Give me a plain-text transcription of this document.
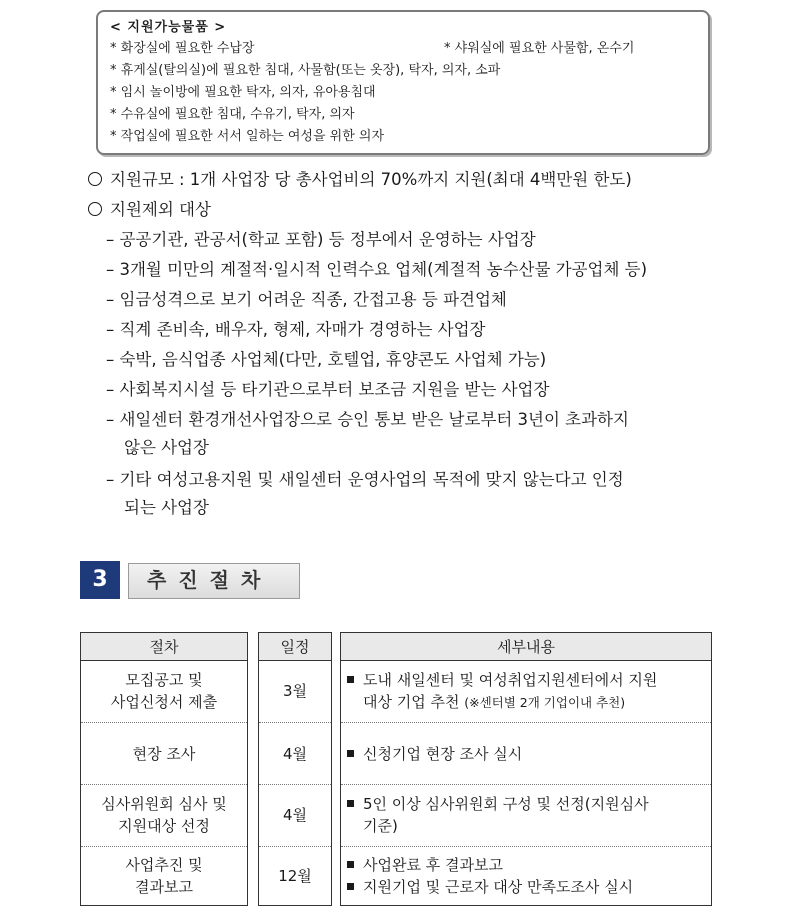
< 지원가능물품 >
* 화장실에 필요한 수납장	* 샤워실에 필요한 사물함, 온수기
* 휴게실(탈의실)에 필요한 침대, 사물함(또는 옷장), 탁자, 의자, 소파
* 임시 놀이방에 필요한 탁자, 의자, 유아용침대
* 수유실에 필요한 침대, 수유기, 탁자, 의자
* 작업실에 필요한 서서 일하는 여성을 위한 의자
지원규모 : 1개 사업장 당 총사업비의 70%까지 지원(최대 4백만원 한도)
지원제외 대상
– 공공기관, 관공서(학교 포함) 등 정부에서 운영하는 사업장
– 3개월 미만의 계절적·일시적 인력수요 업체(계절적 농수산물 가공업체 등)
– 임금성격으로 보기 어려운 직종, 간접고용 등 파견업체
– 직계 존비속, 배우자, 형제, 자매가 경영하는 사업장
– 숙박, 음식업종 사업체(다만, 호텔업, 휴양콘도 사업체 가능)
– 사회복지시설 등 타기관으로부터 보조금 지원을 받는 사업장
– 새일센터 환경개선사업장으로 승인 통보 받은 날로부터 3년이 초과하지
않은 사업장
– 기타 여성고용지원 및 새일센터 운영사업의 목적에 맞지 않는다고 인정
되는 사업장
3	추진절차
절차
모집공고 및
사업신청서 제출
현장 조사
심사위원회 심사 및
지원대상 선정
사업추진 및
결과보고
일정
3월
4월
4월
12월
세부내용
도내 새일센터 및 여성취업지원센터에서 지원
대상 기업 추천 (※센터별 2개 기업이내 추천)
신청기업 현장 조사 실시
5인 이상 심사위원회 구성 및 선정(지원심사
기준)
사업완료 후 결과보고
지원기업 및 근로자 대상 만족도조사 실시
